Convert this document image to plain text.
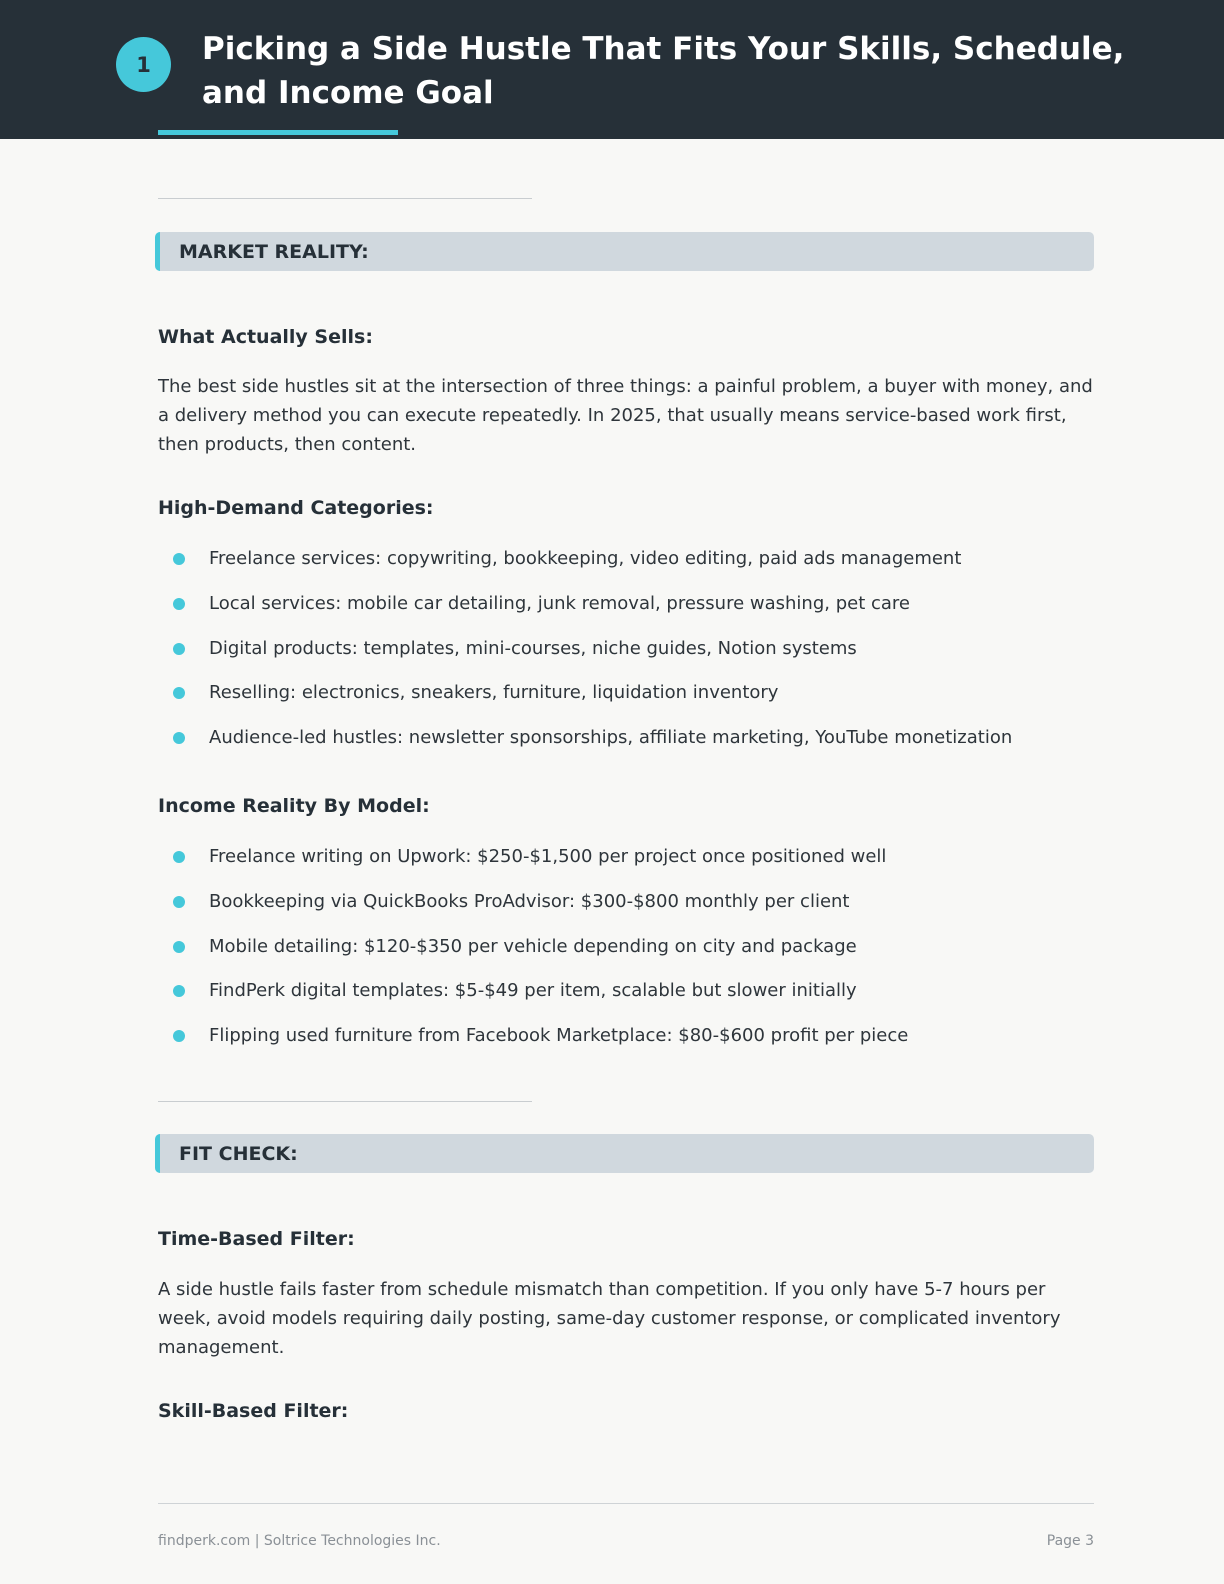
1	Picking a Side Hustle That Fits Your Skills, Schedule, and Income Goal
MARKET REALITY:
What Actually Sells:

The best side hustles sit at the intersection of three things: a painful problem, a buyer with money, and a delivery method you can execute repeatedly. In 2025, that usually means service-based work first, then products, then content.

High-Demand Categories:
Freelance services: copywriting, bookkeeping, video editing, paid ads management
Local services: mobile car detailing, junk removal, pressure washing, pet care
Digital products: templates, mini-courses, niche guides, Notion systems
Reselling: electronics, sneakers, furniture, liquidation inventory
Audience-led hustles: newsletter sponsorships, affiliate marketing, YouTube monetization
Income Reality By Model:
Freelance writing on Upwork: $250-$1,500 per project once positioned well
Bookkeeping via QuickBooks ProAdvisor: $300-$800 monthly per client
Mobile detailing: $120-$350 per vehicle depending on city and package
FindPerk digital templates: $5-$49 per item, scalable but slower initially
Flipping used furniture from Facebook Marketplace: $80-$600 profit per piece
FIT CHECK:
Time-Based Filter:

A side hustle fails faster from schedule mismatch than competition. If you only have 5-7 hours per week, avoid models requiring daily posting, same-day customer response, or complicated inventory management.

Skill-Based Filter:
findperk.com | Soltrice Technologies Inc.	Page 3
